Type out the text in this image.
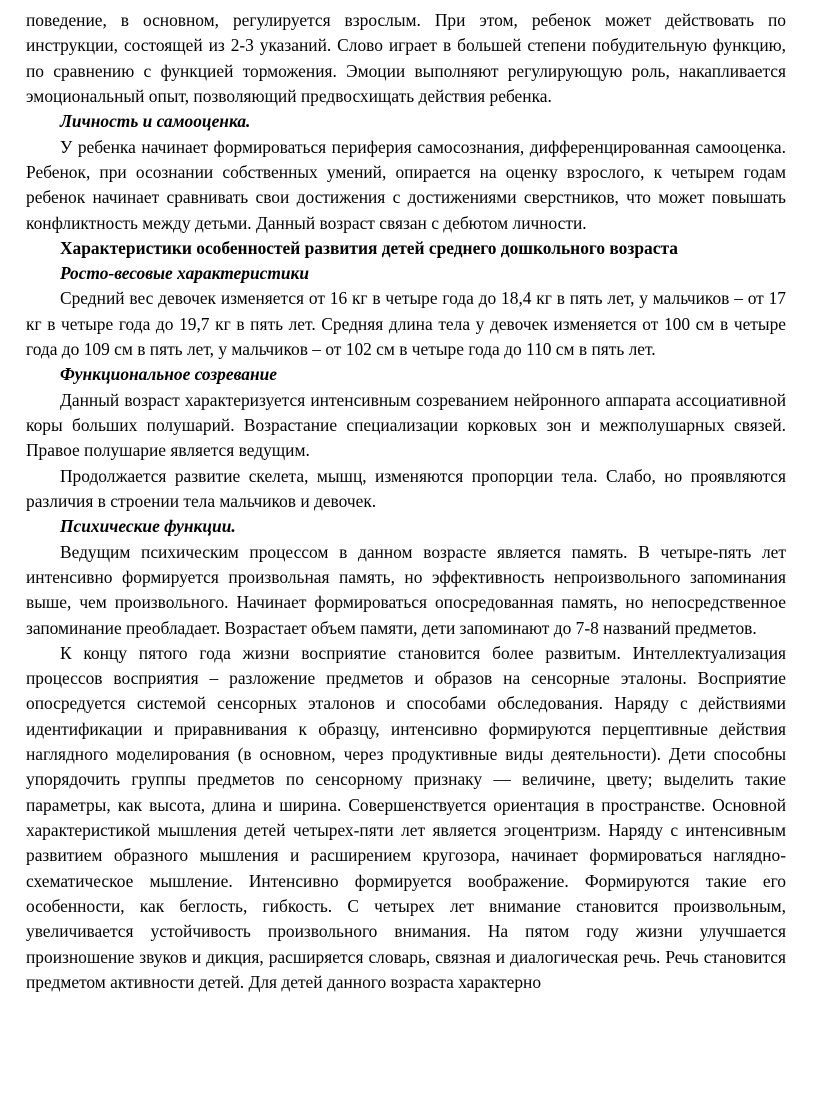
поведение, в основном, регулируется взрослым. При этом, ребенок может действовать по инструкции, состоящей из 2-3 указаний. Слово играет в большей степени побудительную функцию, по сравнению с функцией торможения. Эмоции выполняют регулирующую роль, накапливается эмоциональный опыт, позволяющий предвосхищать действия ребенка.

Личность и самооценка.

У ребенка начинает формироваться периферия самосознания, дифференцированная самооценка. Ребенок, при осознании собственных умений, опирается на оценку взрослого, к четырем годам ребенок начинает сравнивать свои достижения с достижениями сверстников, что может повышать конфликтность между детьми. Данный возраст связан с дебютом личности.

Характеристики особенностей развития детей среднего дошкольного возраста

Росто-весовые характеристики

Средний вес девочек изменяется от 16 кг в четыре года до 18,4 кг в пять лет, у мальчиков – от 17 кг в четыре года до 19,7 кг в пять лет. Средняя длина тела у девочек изменяется от 100 см в четыре года до 109 см в пять лет, у мальчиков – от 102 см в четыре года до 110 см в пять лет.

Функциональное созревание

Данный возраст характеризуется интенсивным созреванием нейронного аппарата ассоциативной коры больших полушарий. Возрастание специализации корковых зон и межполушарных связей. Правое полушарие является ведущим.

Продолжается развитие скелета, мышц, изменяются пропорции тела. Слабо, но проявляются различия в строении тела мальчиков и девочек.

Психические функции.

Ведущим психическим процессом в данном возрасте является память. В четыре-пять лет интенсивно формируется произвольная память, но эффективность непроизвольного запоминания выше, чем произвольного. Начинает формироваться опосредованная память, но непосредственное запоминание преобладает. Возрастает объем памяти, дети запоминают до 7-8 названий предметов.

К концу пятого года жизни восприятие становится более развитым. Интеллектуализация процессов восприятия – разложение предметов и образов на сенсорные эталоны. Восприятие опосредуется системой сенсорных эталонов и способами обследования. Наряду с действиями идентификации и приравнивания к образцу, интенсивно формируются перцептивные действия наглядного моделирования (в основном, через продуктивные виды деятельности). Дети способны упорядочить группы предметов по сенсорному признаку — величине, цвету; выделить такие параметры, как высота, длина и ширина. Совершенствуется ориентация в пространстве. Основной характеристикой мышления детей четырех-пяти лет является эгоцентризм. Наряду с интенсивным развитием образного мышления и расширением кругозора, начинает формироваться наглядно- схематическое мышление. Интенсивно формируется воображение. Формируются такие его особенности, как беглость, гибкость. С четырех лет внимание становится произвольным, увеличивается устойчивость произвольного внимания. На пятом году жизни улучшается произношение звуков и дикция, расширяется словарь, связная и диалогическая речь. Речь становится предметом активности детей. Для детей данного возраста характерно
